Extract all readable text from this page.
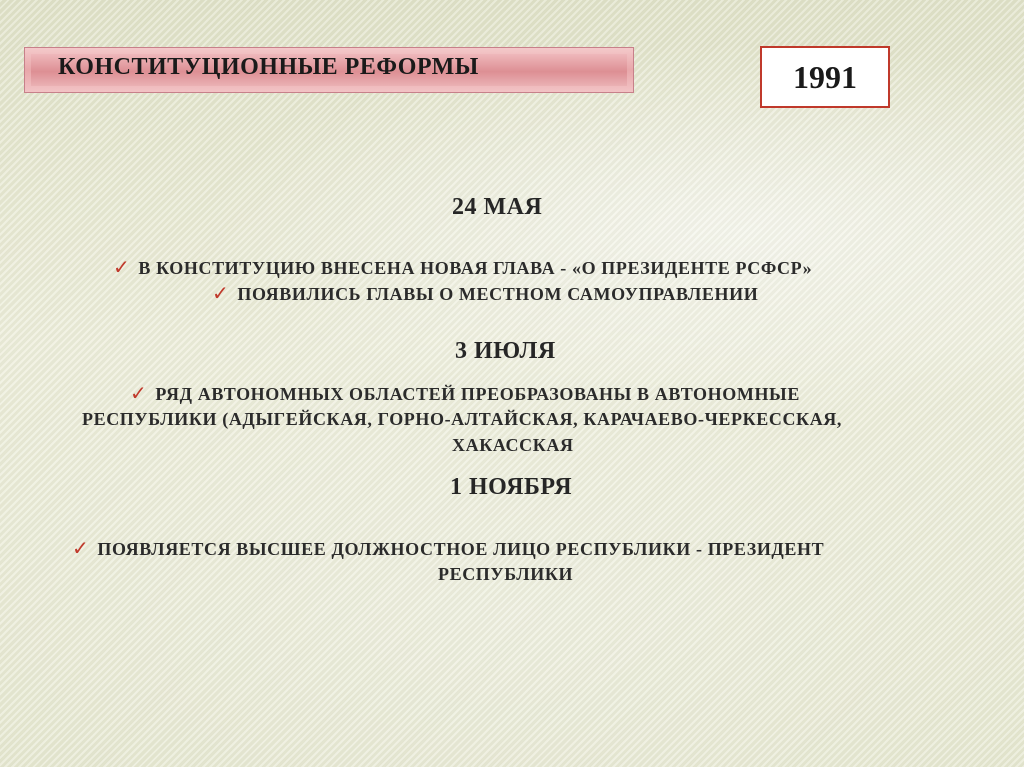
КОНСТИТУЦИОННЫЕ РЕФОРМЫ	1991
24 МАЯ
✓ В КОНСТИТУЦИЮ ВНЕСЕНА НОВАЯ ГЛАВА - «О ПРЕЗИДЕНТЕ РСФСР»
✓ ПОЯВИЛИСЬ ГЛАВЫ О МЕСТНОМ САМОУПРАВЛЕНИИ
3 ИЮЛЯ
✓ РЯД АВТОНОМНЫХ ОБЛАСТЕЙ ПРЕОБРАЗОВАНЫ В АВТОНОМНЫЕ
РЕСПУБЛИКИ (АДЫГЕЙСКАЯ, ГОРНО-АЛТАЙСКАЯ, КАРАЧАЕВО-ЧЕРКЕССКАЯ,
ХАКАССКАЯ
1 НОЯБРЯ
✓ ПОЯВЛЯЕТСЯ ВЫСШЕЕ ДОЛЖНОСТНОЕ ЛИЦО РЕСПУБЛИКИ - ПРЕЗИДЕНТ
РЕСПУБЛИКИ
